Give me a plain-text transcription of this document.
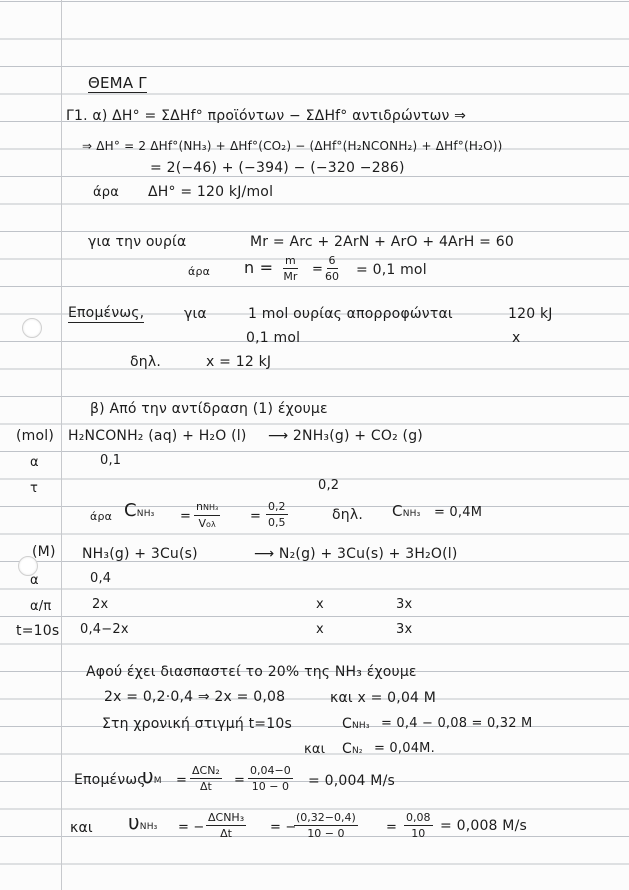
ΘΕΜΑ Γ
Γ1. α) ΔΗ° = ΣΔΗf° προϊόντων − ΣΔΗf° αντιδρώντων ⇒
⇒ ΔΗ° = 2 ΔΗf°(NH₃) + ΔΗf°(CO₂) − (ΔΗf°(H₂NCONH₂) + ΔΗf°(H₂O))
= 2(−46) + (−394) − (−320 −286)
άρα ΔΗ° = 120 kJ/mol
για την ουρία	Mr = Arc + 2ArN + ArO + 4ArH = 60
άρα $n = \frac{m}{Mr} = \frac{6}{60} = 0,1$ mol
Επομένως,	για	1 mol ουρίας απορροφώνται	120 kJ
0,1 mol	x
δηλ.	x = 12 kJ
β) Από την αντίδραση (1) έχουμε
(mol) H₂NCONH₂ (aq) + H₂O (l) ⟶ 2NH₃(g) + CO₂ (g)
α	0,1
τ	0,2
άρα CNH₃ =
nNH₃
Vολ
= $\frac{0,2}{0,5}$	δηλ. CNH₃ = 0,4M
(M) NH₃(g) + 3Cu(s)	⟶ N₂(g) + 3Cu(s) + 3H₂O(l)
α	0,4
α/π	2x	x	3x
t=10s 0,4−2x	x	3x
Αφού έχει διασπαστεί το 20% της NH₃ έχουμε
2x = 0,2·0,4 ⇒ 2x = 0,08	και x = 0,04 M
Στη χρονική στιγμή t=10s	CNH₃ = 0,4 − 0,08 = 0,32 M
και CN₂ = 0,04M.
Επομένως
υM =
ΔCN₂
$\Delta t = \frac{0,04-0}{10 - 0} = 0,004$ M/s
και υNH₃ = −
ΔCNH₃
Δt	= −
$\frac{(0,32-0,4)}{10 - 0} = \frac{0,08}{10} = 0,008$ M/s
